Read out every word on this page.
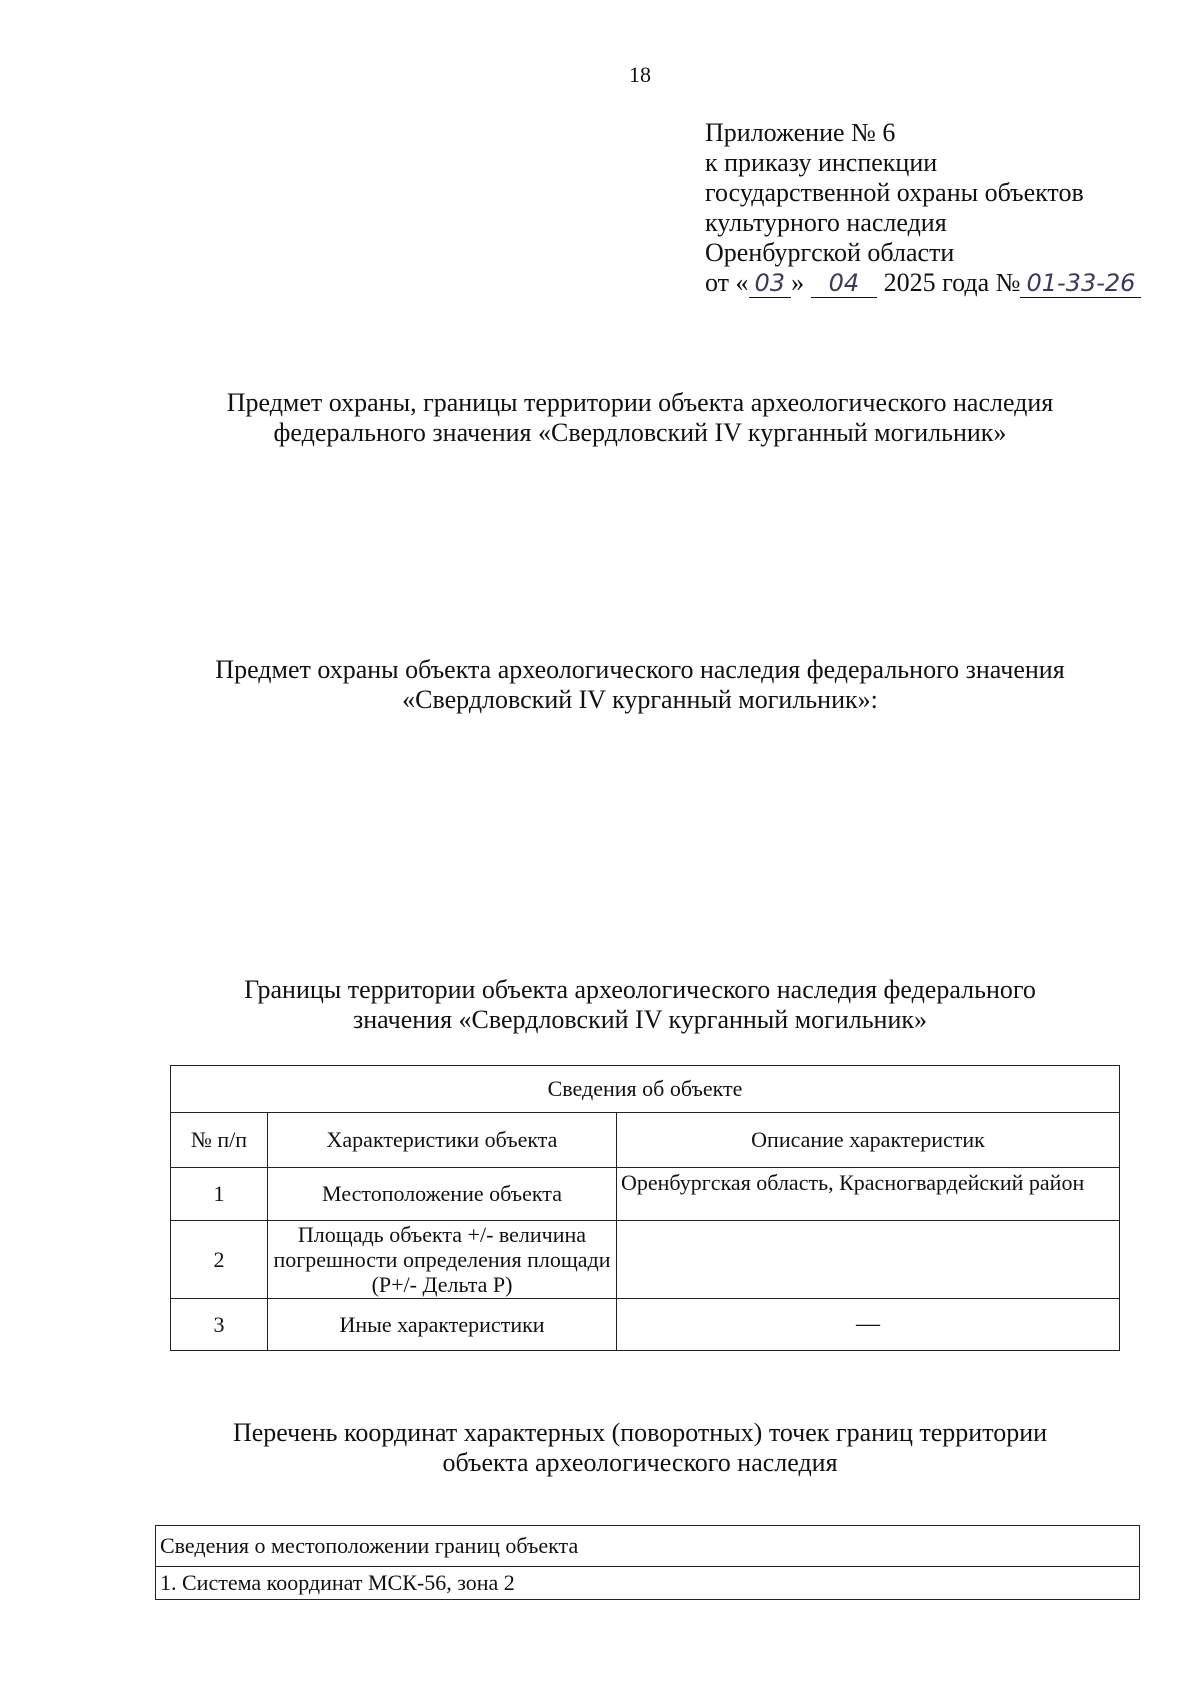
18
Приложение № 6
к приказу инспекции
государственной охраны объектов
культурного наследия
Оренбургской области
от « 03 » 04 2025 года № 01-33-26
Предмет охраны, границы территории объекта археологического наследия
федерального значения «Свердловский IV курганный могильник»
Предмет охраны объекта археологического наследия федерального значения
«Свердловский IV курганный могильник»:
Границы территории объекта археологического наследия федерального
значения «Свердловский IV курганный могильник»
Сведения об объекте		
№ п/п	Характеристики объекта	Описание характеристик
1	Местоположение объекта	Оренбургская область, Красногвардейский район
2	Площадь объекта +/- величина погрешности определения площади (P+/- Дельта P)	
3	Иные характеристики	—
Перечень координат характерных (поворотных) точек границ территории
объекта археологического наследия
Сведения о местоположении границ объекта
1. Система координат МСК-56, зона 2
